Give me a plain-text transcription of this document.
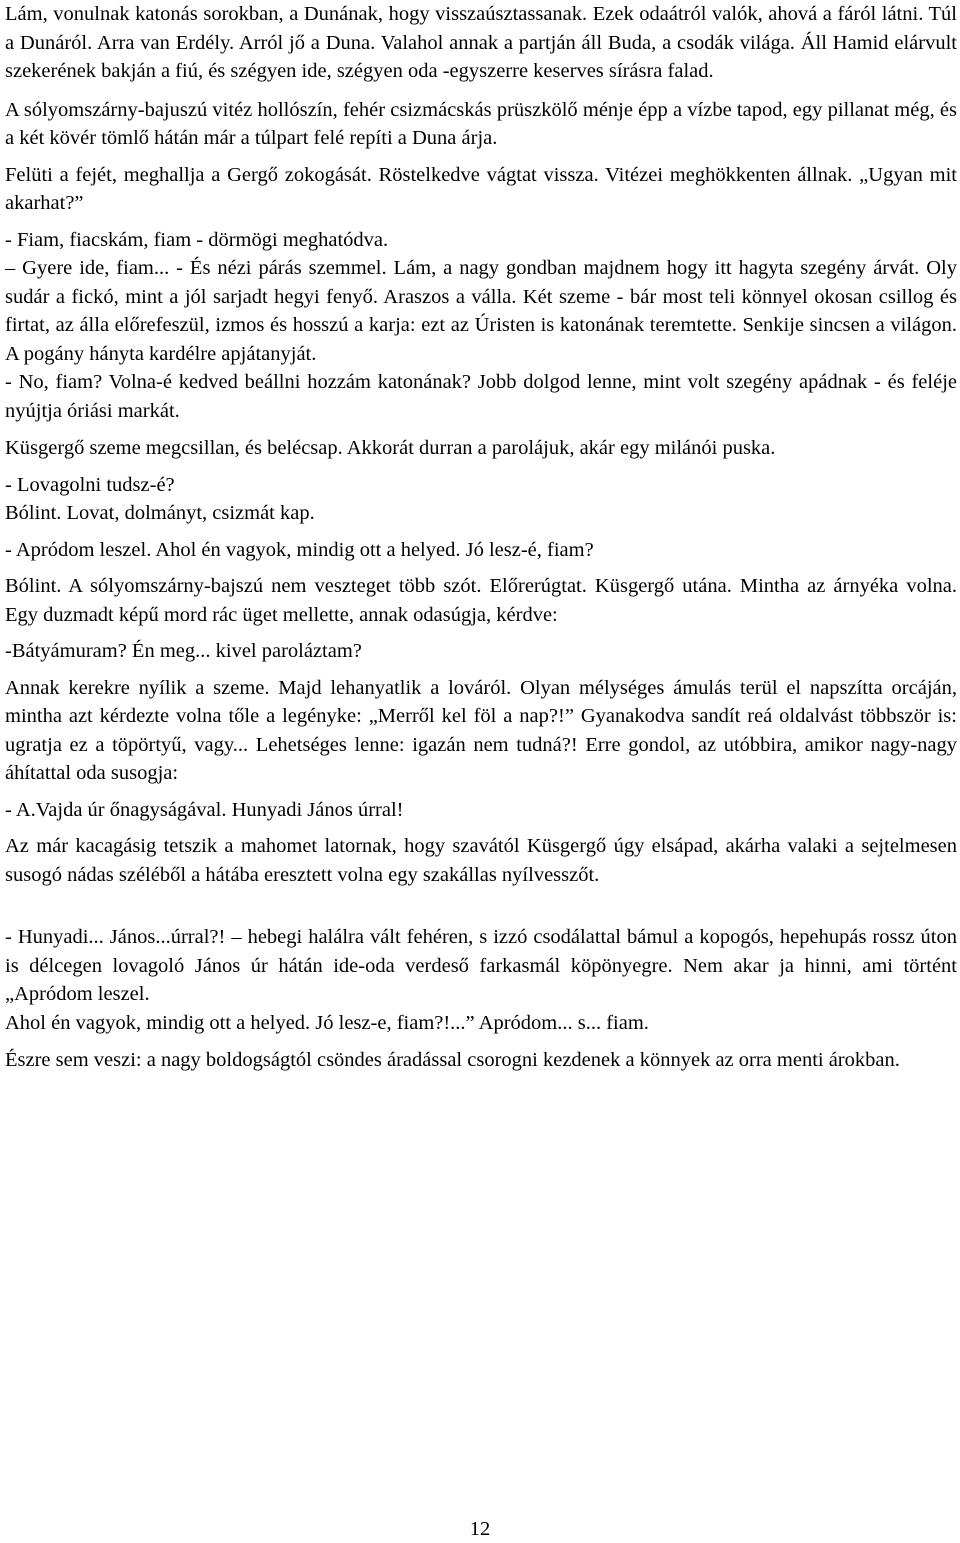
Lám, vonulnak katonás sorokban, a Dunának, hogy visszaúsztassanak. Ezek odaátról valók, ahová a fáról látni. Túl a Dunáról. Arra van Erdély. Arról jő a Duna. Valahol annak a partján áll Buda, a csodák világa. Áll Hamid elárvult szekerének bakján a fiú, és szégyen ide, szégyen oda -egyszerre keserves sírásra falad.

A sólyomszárny-bajuszú vitéz hollószín, fehér csizmácskás prüszkölő ménje épp a vízbe tapod, egy pillanat még, és a két kövér tömlő hátán már a túlpart felé repíti a Duna árja.

Felüti a fejét, meghallja a Gergő zokogását. Röstelkedve vágtat vissza. Vitézei meghökkenten állnak. „Ugyan mit akarhat?”

- Fiam, fiacskám, fiam - dörmögi meghatódva.

– Gyere ide, fiam... - És nézi párás szemmel. Lám, a nagy gondban majdnem hogy itt hagyta szegény árvát. Oly sudár a fickó, mint a jól sarjadt hegyi fenyő. Araszos a válla. Két szeme - bár most teli könnyel okosan csillog és firtat, az álla előrefeszül, izmos és hosszú a karja: ezt az Úristen is katonának teremtette. Senkije sincsen a világon. A pogány hányta kardélre apjátanyját.

- No, fiam? Volna-é kedved beállni hozzám katonának? Jobb dolgod lenne, mint volt szegény apádnak - és feléje nyújtja óriási markát.

Küsgergő szeme megcsillan, és belécsap. Akkorát durran a parolájuk, akár egy milánói puska.

- Lovagolni tudsz-é?

Bólint. Lovat, dolmányt, csizmát kap.

- Apródom leszel. Ahol én vagyok, mindig ott a helyed. Jó lesz-é, fiam?

Bólint. A sólyomszárny-bajszú nem veszteget több szót. Előrerúgtat. Küsgergő utána. Mintha az árnyéka volna. Egy duzmadt képű mord rác üget mellette, annak odasúgja, kérdve:

-Bátyámuram? Én meg... kivel paroláztam?

Annak kerekre nyílik a szeme. Majd lehanyatlik a lováról. Olyan mélységes ámulás terül el napszítta orcáján, mintha azt kérdezte volna tőle a legényke: „Merről kel föl a nap?!” Gyanakodva sandít reá oldalvást többször is: ugratja ez a töpörtyű, vagy... Lehetséges lenne: igazán nem tudná?! Erre gondol, az utóbbira, amikor nagy-nagy áhítattal oda susogja:

- A.Vajda úr őnagyságával. Hunyadi János úrral!

Az már kacagásig tetszik a mahomet latornak, hogy szavától Küsgergő úgy elsápad, akárha valaki a sejtelmesen susogó nádas széléből a hátába eresztett volna egy szakállas nyílvesszőt.

- Hunyadi... János...úrral?! – hebegi halálra vált fehéren, s izzó csodálattal bámul a kopogós, hepehupás rossz úton is délcegen lovagoló János úr hátán ide-oda verdeső farkasmál köpönyegre. Nem akar ja hinni, ami történt „Apródom leszel.

Ahol én vagyok, mindig ott a helyed. Jó lesz-e, fiam?!...” Apródom... s... fiam.

Észre sem veszi: a nagy boldogságtól csöndes áradással csorogni kezdenek a könnyek az orra menti árokban.

12
